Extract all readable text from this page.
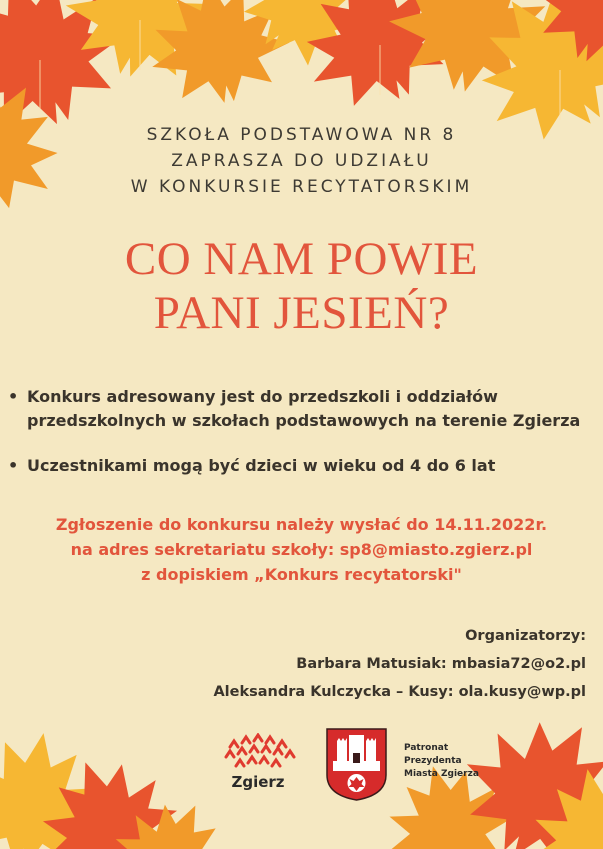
SZKOŁA PODSTAWOWA NR 8
ZAPRASZA DO UDZIAŁU
W KONKURSIE RECYTATORSKIM
CO NAM POWIE
PANI JESIEŃ?
• Konkurs adresowany jest do przedszkoli i oddziałów
przedszkolnych w szkołach podstawowych na terenie Zgierza
• Uczestnikami mogą być dzieci w wieku od 4 do 6 lat
Zgłoszenie do konkursu należy wysłać do 14.11.2022r.
na adres sekretariatu szkoły: sp8@miasto.zgierz.pl
z dopiskiem „Konkurs recytatorski"
Organizatorzy:
Barbara Matusiak: mbasia72@o2.pl
Aleksandra Kulczycka – Kusy: ola.kusy@wp.pl
Zgierz
Patronat
Prezydenta
Miasta Zgierza
